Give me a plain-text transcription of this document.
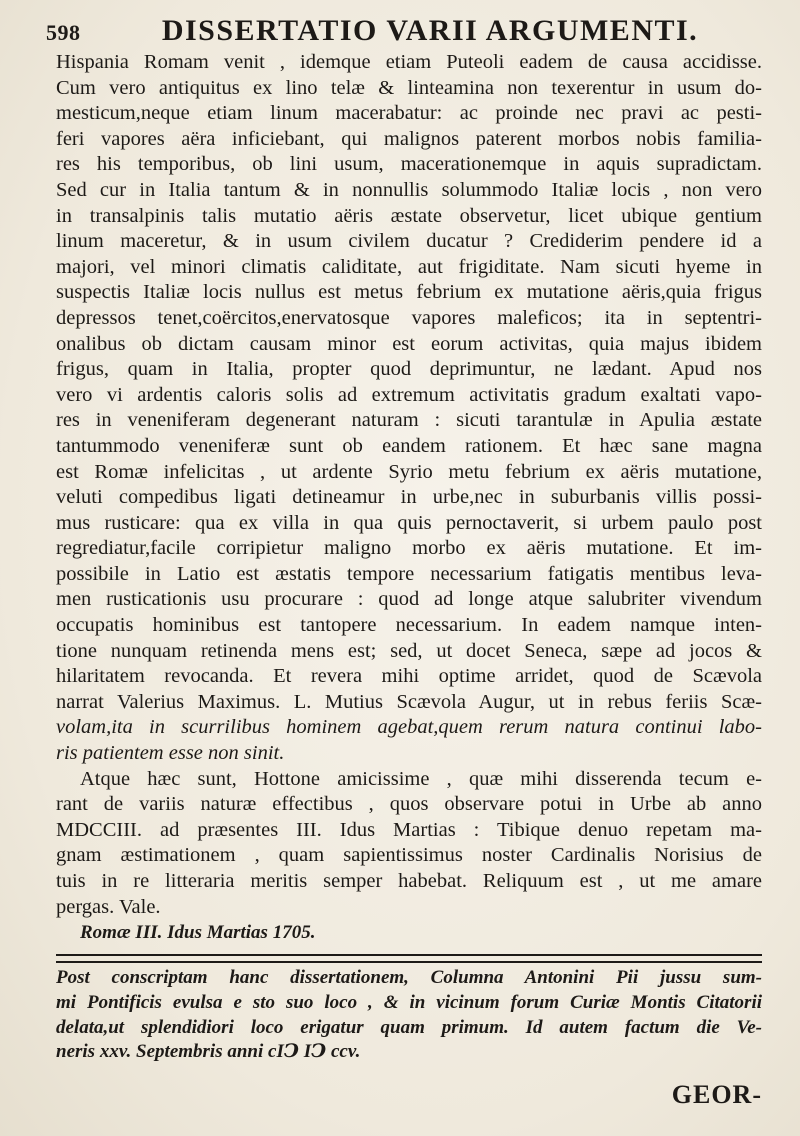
598	DISSERTATIO VARII ARGUMENTI.
Hispania Romam venit , idemque etiam Puteoli eadem de causa accidisse.
Cum vero antiquitus ex lino telæ & linteamina non texerentur in usum do-
mesticum,neque etiam linum macerabatur: ac proinde nec pravi ac pesti-
feri vapores aëra inficiebant, qui malignos paterent morbos nobis familia-
res his temporibus, ob lini usum, macerationemque in aquis supradictam.
Sed cur in Italia tantum & in nonnullis solummodo Italiæ locis , non vero
in transalpinis talis mutatio aëris æstate observetur, licet ubique gentium
linum maceretur, & in usum civilem ducatur ? Crediderim pendere id a
majori, vel minori climatis caliditate, aut frigiditate. Nam sicuti hyeme in
suspectis Italiæ locis nullus est metus febrium ex mutatione aëris,quia frigus
depressos tenet,coërcitos,enervatosque vapores maleficos; ita in septentri-
onalibus ob dictam causam minor est eorum activitas, quia majus ibidem
frigus, quam in Italia, propter quod deprimuntur, ne lædant. Apud nos
vero vi ardentis caloris solis ad extremum activitatis gradum exaltati vapo-
res in veneniferam degenerant naturam : sicuti tarantulæ in Apulia æstate
tantummodo veneniferæ sunt ob eandem rationem. Et hæc sane magna
est Romæ infelicitas , ut ardente Syrio metu febrium ex aëris mutatione,
veluti compedibus ligati detineamur in urbe,nec in suburbanis villis possi-
mus rusticare: qua ex villa in qua quis pernoctaverit, si urbem paulo post
regrediatur,facile corripietur maligno morbo ex aëris mutatione. Et im-
possibile in Latio est æstatis tempore necessarium fatigatis mentibus leva-
men rusticationis usu procurare : quod ad longe atque salubriter vivendum
occupatis hominibus est tantopere necessarium. In eadem namque inten-
tione nunquam retinenda mens est; sed, ut docet Seneca, sæpe ad jocos &
hilaritatem revocanda. Et revera mihi optime arridet, quod de Scævola
narrat Valerius Maximus. L. Mutius Scævola Augur, ut in rebus feriis Scæ-
volam,ita in scurrilibus hominem agebat,quem rerum natura continui labo-
ris patientem esse non sinit.
Atque hæc sunt, Hottone amicissime , quæ mihi disserenda tecum e-
rant de variis naturæ effectibus , quos observare potui in Urbe ab anno
MDCCIII. ad præsentes III. Idus Martias : Tibique denuo repetam ma-
gnam æstimationem , quam sapientissimus noster Cardinalis Norisius de
tuis in re litteraria meritis semper habebat. Reliquum est , ut me amare
pergas. Vale.
Romæ III. Idus Martias 1705.
Post conscriptam hanc dissertationem, Columna Antonini Pii jussu sum-
mi Pontificis evulsa e sto suo loco , & in vicinum forum Curiæ Montis Citatorii
delata,ut splendidiori loco erigatur quam primum. Id autem factum die Ve-
neris xxv. Septembris anni cIↃ IↃ ccv.
GEOR-
